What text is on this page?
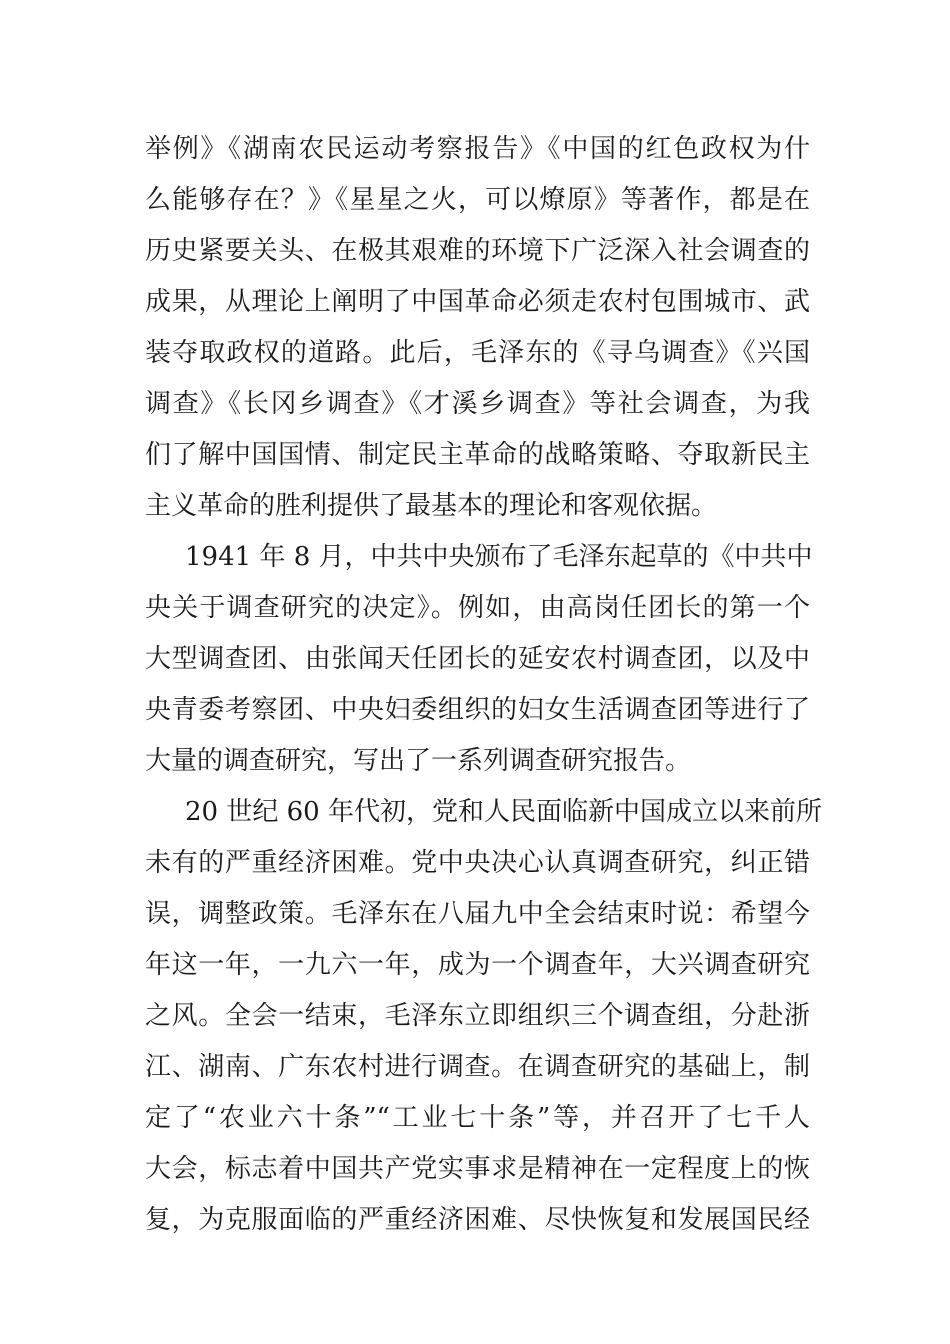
举例》《湖南农民运动考察报告》《中国的红色政权为什
么能够存在？》《星星之火，可以燎原》等著作，都是在
历史紧要关头、在极其艰难的环境下广泛深入社会调查的
成果，从理论上阐明了中国革命必须走农村包围城市、武
装夺取政权的道路。此后，毛泽东的《寻乌调查》《兴国
调查》《长冈乡调查》《才溪乡调查》等社会调查，为我
们了解中国国情、制定民主革命的战略策略、夺取新民主
主义革命的胜利提供了最基本的理论和客观依据。
1941 年 8 月，中共中央颁布了毛泽东起草的《中共中
央关于调查研究的决定》。例如，由高岗任团长的第一个
大型调查团、由张闻天任团长的延安农村调查团，以及中
央青委考察团、中央妇委组织的妇女生活调查团等进行了
大量的调查研究，写出了一系列调查研究报告。
20 世纪 60 年代初，党和人民面临新中国成立以来前所
未有的严重经济困难。党中央决心认真调查研究，纠正错
误，调整政策。毛泽东在八届九中全会结束时说：希望今
年这一年，一九六一年，成为一个调查年，大兴调查研究
之风。全会一结束，毛泽东立即组织三个调查组，分赴浙
江、湖南、广东农村进行调查。在调查研究的基础上，制
定了“农业六十条”“工业七十条”等，并召开了七千人
大会，标志着中国共产党实事求是精神在一定程度上的恢
复，为克服面临的严重经济困难、尽快恢复和发展国民经
